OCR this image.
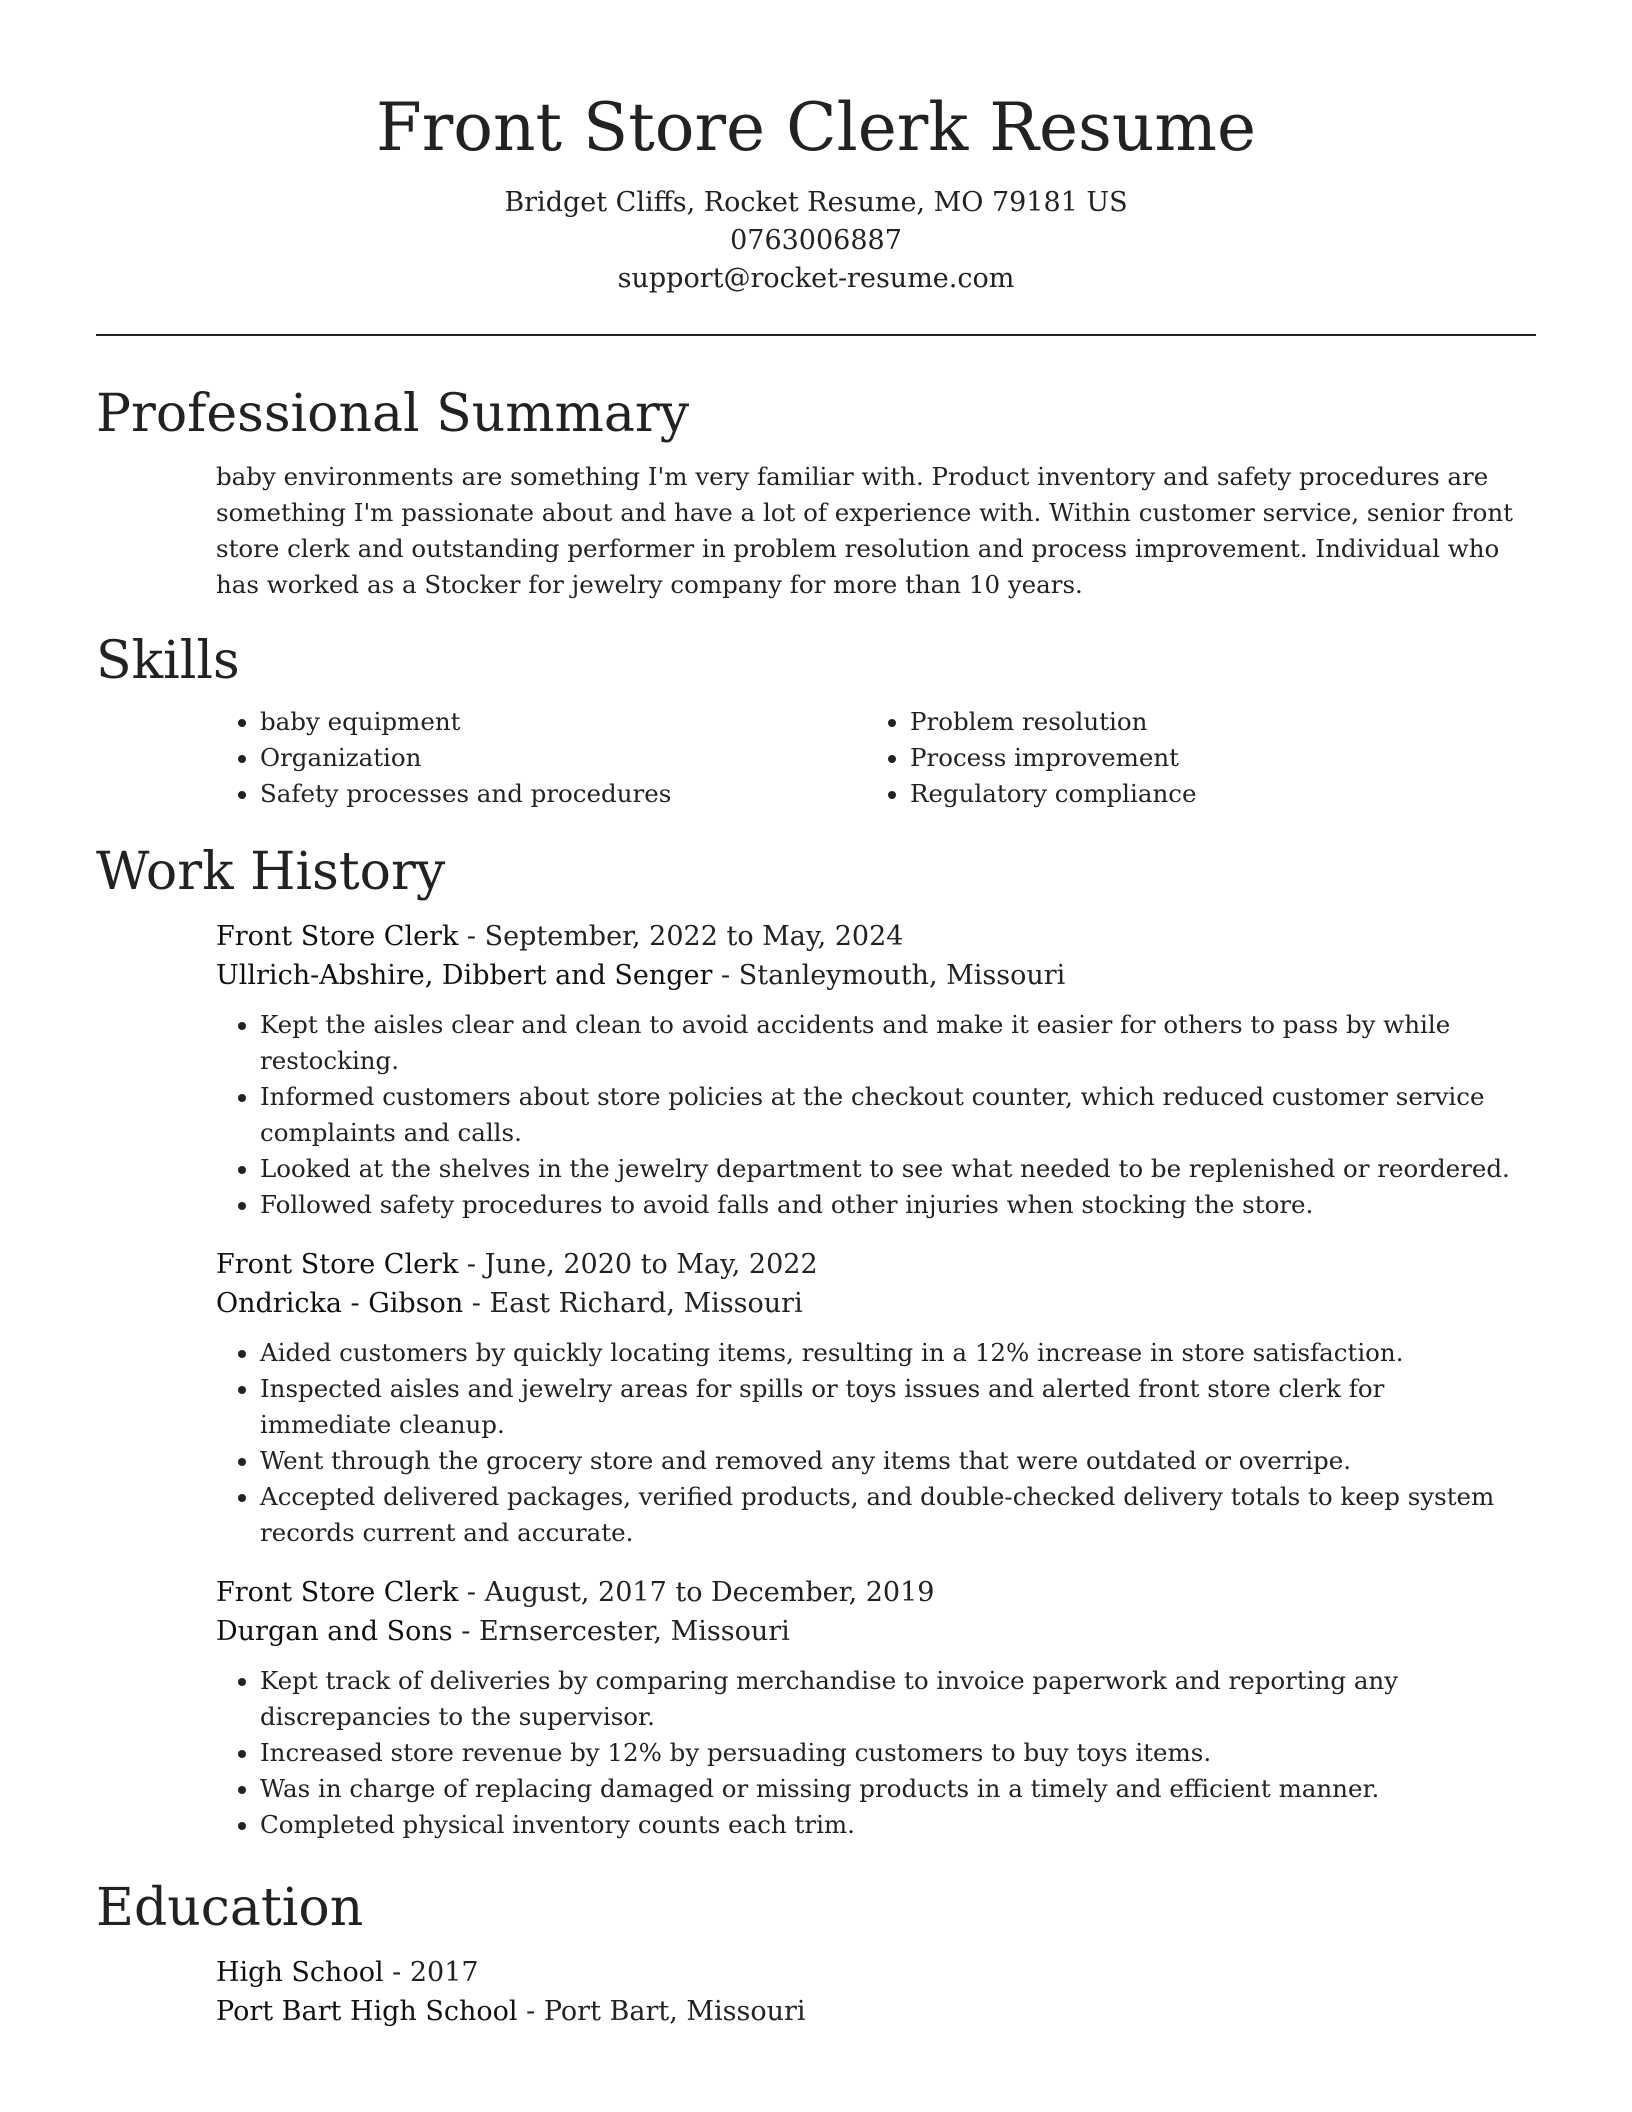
Front Store Clerk Resume
Bridget Cliffs, Rocket Resume, MO 79181 US
0763006887
support@rocket-resume.com
Professional Summary
baby environments are something I'm very familiar with. Product inventory and safety procedures are something I'm passionate about and have a lot of experience with. Within customer service, senior front store clerk and outstanding performer in problem resolution and process improvement. Individual who has worked as a Stocker for jewelry company for more than 10 years.
Skills
• baby equipment
• Organization
• Safety processes and procedures
• Problem resolution
• Process improvement
• Regulatory compliance
Work History
Front Store Clerk - September, 2022 to May, 2024
Ullrich-Abshire, Dibbert and Senger - Stanleymouth, Missouri
• Kept the aisles clear and clean to avoid accidents and make it easier for others to pass by while restocking.
• Informed customers about store policies at the checkout counter, which reduced customer service complaints and calls.
• Looked at the shelves in the jewelry department to see what needed to be replenished or reordered.
• Followed safety procedures to avoid falls and other injuries when stocking the store.
Front Store Clerk - June, 2020 to May, 2022
Ondricka - Gibson - East Richard, Missouri
• Aided customers by quickly locating items, resulting in a 12% increase in store satisfaction.
• Inspected aisles and jewelry areas for spills or toys issues and alerted front store clerk for immediate cleanup.
• Went through the grocery store and removed any items that were outdated or overripe.
• Accepted delivered packages, verified products, and double-checked delivery totals to keep system records current and accurate.
Front Store Clerk - August, 2017 to December, 2019
Durgan and Sons - Ernsercester, Missouri
• Kept track of deliveries by comparing merchandise to invoice paperwork and reporting any discrepancies to the supervisor.
• Increased store revenue by 12% by persuading customers to buy toys items.
• Was in charge of replacing damaged or missing products in a timely and efficient manner.
• Completed physical inventory counts each trim.
Education
High School - 2017
Port Bart High School - Port Bart, Missouri
